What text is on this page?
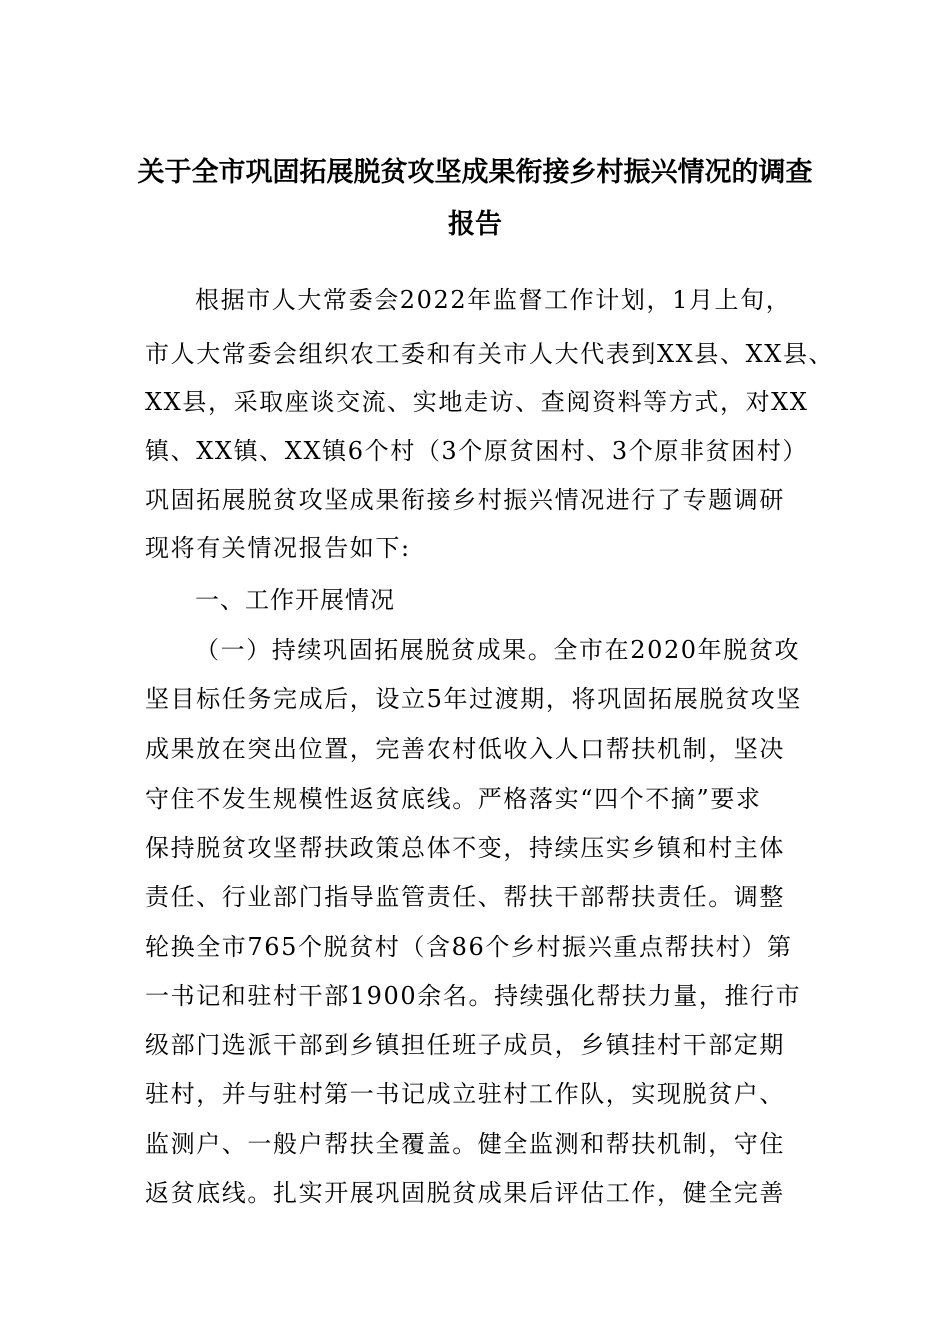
关于全市巩固拓展脱贫攻坚成果衔接乡村振兴情况的调查
报告
根据市人大常委会2022年监督工作计划，1月上旬，
市人大常委会组织农工委和有关市人大代表到XX县、XX县、
XX县，采取座谈交流、实地走访、查阅资料等方式，对XX
镇、XX镇、XX镇6个村（3个原贫困村、3个原非贫困村）
巩固拓展脱贫攻坚成果衔接乡村振兴情况进行了专题调研
现将有关情况报告如下:
一、工作开展情况
（一）持续巩固拓展脱贫成果。全市在2020年脱贫攻
坚目标任务完成后，设立5年过渡期，将巩固拓展脱贫攻坚
成果放在突出位置，完善农村低收入人口帮扶机制，坚决
守住不发生规模性返贫底线。严格落实“四个不摘”要求
保持脱贫攻坚帮扶政策总体不变，持续压实乡镇和村主体
责任、行业部门指导监管责任、帮扶干部帮扶责任。调整
轮换全市765个脱贫村（含86个乡村振兴重点帮扶村）第
一书记和驻村干部1900余名。持续强化帮扶力量，推行市
级部门选派干部到乡镇担任班子成员，乡镇挂村干部定期
驻村，并与驻村第一书记成立驻村工作队，实现脱贫户、
监测户、一般户帮扶全覆盖。健全监测和帮扶机制，守住
返贫底线。扎实开展巩固脱贫成果后评估工作，健全完善
